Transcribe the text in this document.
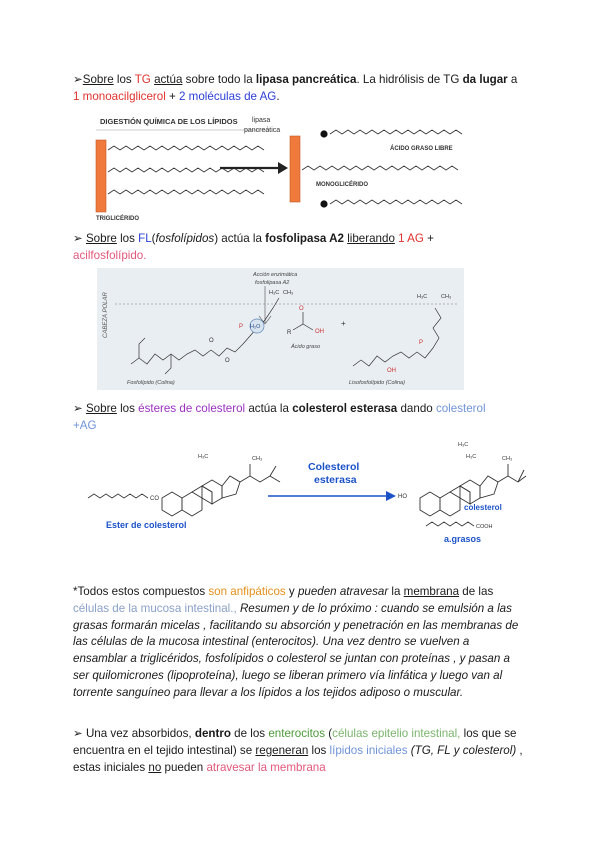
➢Sobre los TG actúa sobre todo la lipasa pancreática. La hidrólisis de TG da lugar a 1 monoacilglicerol + 2 moléculas de AG.
DIGESTIÓN QUÍMICA DE LOS LÍPIDOS
TRIGLICÉRIDO
lipasa
pancreática
MONOGLICÉRIDO
ÁCIDO GRASO LIBRE
➢ Sobre los FL(fosfolípidos) actúa la fosfolipasa A2 liberando 1 AG +
acilfosfolípido.
CABEZA POLAR
Acción enzimática
fosfolipasa A2
O
O
P
H₃C CH₃
Fosfolípido (Colina)
H₂O
R
O
OH
Ácido graso
+
OH
P
H₃C	CH₃
Lisofosfolípido (Colina)
➢ Sobre los ésteres de colesterol actúa la colesterol esterasa dando colesterol
+AG
CO
H₃C	CH₃
Ester de colesterol
Colesterol
esterasa
HO
H₃C
H₃C	CH₃
colesterol
COOH
a.grasos
*Todos estos compuestos son anfipáticos y pueden atravesar la membrana de las células de la mucosa intestinal., Resumen y de lo próximo : cuando se emulsión a las grasas formarán micelas , facilitando su absorción y penetración en las membranas de las células de la mucosa intestinal (enterocitos). Una vez dentro se vuelven a ensamblar a triglicéridos, fosfolípidos o colesterol se juntan con proteínas , y pasan a ser quilomicrones (lipoproteína), luego se liberan primero vía linfática y luego van al torrente sanguíneo para llevar a los lípidos a los tejidos adiposo o muscular.
➢ Una vez absorbidos, dentro de los enterocitos (células epitelio intestinal, los que se encuentra en el tejido intestinal) se regeneran los lípidos iniciales (TG, FL y colesterol) , estas iniciales no pueden atravesar la membrana
